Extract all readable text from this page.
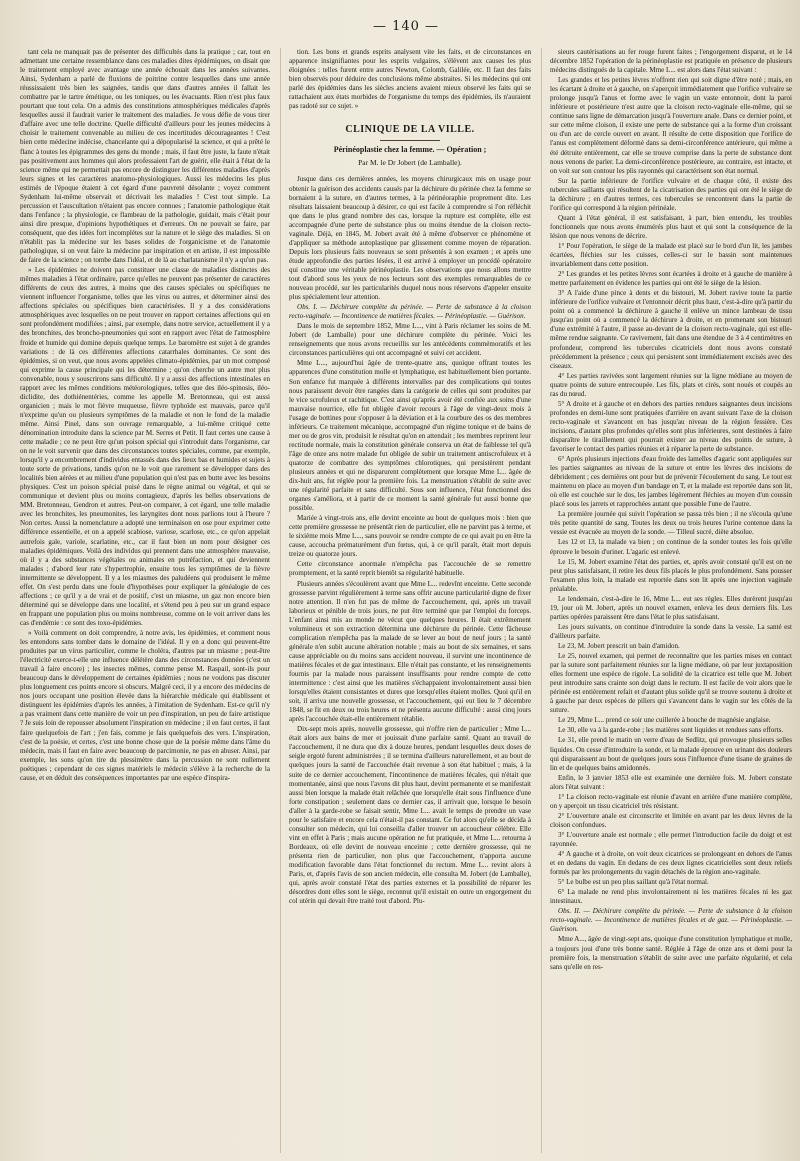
— 140 —

tant cela ne manquait pas de présenter des difficultés dans la pratique ; car, tout en admettant une certaine ressemblance dans ces maladies dites épidémiques, on disait que le traitement employé avec avantage une année échouait dans les années suivantes. Ainsi, Sydenham a parlé de fluxions de poitrine contre lesquelles dans une année réussissaient très bien les saignées, tandis que dans d'autres années il fallait les combattre par le tartre émétique, ou les toniques, ou les évacuants. Rien n'est plus faux pourtant que tout cela. On a admis des constitutions atmosphériques médicales d'après lesquelles aussi il faudrait varier le traitement des maladies. Je vous défie de vous tirer d'affaire avec une telle doctrine. Quelle difficulté d'ailleurs pour les jeunes médecins à choisir le traitement convenable au milieu de ces incertitudes décourageantes ! C'est bien cette médecine indécise, chancelante qui a dépopularisé la science, et qui a prêté le flanc à toutes les épigrammes des gens du monde ; mais, il faut être juste, la faute n'était pas positivement aux hommes qui alors professaient l'art de guérir, elle était à l'état de la science même qui ne permettait pas encore de distinguer les différentes maladies d'après leurs signes et les caractères anatomo-physiologiques. Aussi les médecins les plus estimés de l'époque étaient à cet égard d'une pauvreté désolante ; voyez comment Sydenham lui-même observait et décrivait les maladies ! C'est tout simple. La percussion et l'auscultation n'étaient pas encore connues ; l'anatomie pathologique était dans l'enfance ; la physiologie, ce flambeau de la pathologie, guidait, mais c'était pour ainsi dire presque, d'opinions hypothétiques et d'erreurs. On ne pouvait se faire, par conséquent, que des idées fort incomplètes sur la nature et le siège des maladies. Si on n'établit pas la médecine sur les bases solides de l'organicisme et de l'anatomie pathologique, si on veut faire la médecine par inspiration et en artiste, il est impossible de faire de la science ; on tombe dans l'idéal, et de là au charlatanisme il n'y a qu'un pas.

» Les épidémies ne doivent pas constituer une classe de maladies distinctes des mêmes maladies à l'état ordinaire, parce qu'elles ne peuvent pas présenter de caractères différents de ceux des autres, à moins que des causes spéciales ou spécifiques ne viennent influencer l'organisme, telles que les virus ou autres, et déterminer ainsi des affections spéciales ou spécifiques bien caractérisées. Il y a des considérations atmosphériques avec lesquelles on ne peut trouver en rapport certaines affections qui en sont profondément modifiées ; ainsi, par exemple, dans notre service, actuellement il y a des bronchites, des broncho-pneumonies qui sont en rapport avec l'état de l'atmosphère froide et humide qui domine depuis quelque temps. Le baromètre est sujet à de grandes variations : de là ces différentes affections catarrhales dominantes. Ce sont des épidémies, si on veut, que nous avons appelées climato-épidémies, par un mot composé qui exprime la cause principale qui les détermine ; qu'on cherche un autre mot plus convenable, nous y souscrirons sans difficulté. Il y a aussi des affections intestinales en rapport avec les mêmes conditions météorologiques, telles que des iléo-spinosis, iléo-diclidite, des dothiénentéries, comme les appelle M. Bretonneau, qui est aussi organicien ; mais le mot fièvre muqueuse, fièvre typhoïde est mauvais, parce qu'il n'exprime qu'un ou plusieurs symptômes de la maladie et non le fond de la maladie même. Ainsi Pinel, dans son ouvrage remarquable, a lui-même critiqué cette dénomination introduite dans la science par M. Serres et Petit. Il faut certes une cause à cette maladie ; ce ne peut être qu'un poison spécial qui s'introduit dans l'organisme, car on ne le voit survenir que dans des circonstances toutes spéciales, comme, par exemple, lorsqu'il y a encombrement d'individus entassés dans des lieux bas et humides et sujets à toute sorte de privations, tandis qu'on ne le voit que rarement se développer dans des localités bien aérées et au milieu d'une population qui n'est pas en butte avec les besoins physiques. C'est un poison spécial puisé dans le règne animal ou végétal, et qui se communique et devient plus ou moins contagieux, d'après les belles observations de MM. Bretonneau, Gendron et autres. Peut-on comparer, à cet égard, une telle maladie avec les bronchites, les pneumonites, les laryngites dont nous parlions tout à l'heure ? Non certes. Aussi la nomenclature a adopté une terminaison en ose pour exprimer cette différence essentielle, et on a appelé scabiose, variose, scarlose, etc., ce qu'on appelait autrefois gale, variole, scarlatine, etc., car il faut bien un nom pour désigner ces maladies épidémiques. Voilà des individus qui prennent dans une atmosphère mauvaise, où il y a des substances végétales ou animales en putréfaction, et qui deviennent malades ; d'abord leur rate s'hypertrophie, ensuite tous les symptômes de la fièvre intermittente se développent. Il y a les miasmes des paludéens qui produisent le même effet. On s'est perdu dans une foule d'hypothèses pour expliquer la généalogie de ces affections ; ce qu'il y a de vrai et de positif, c'est un miasme, un gaz non encore bien déterminé qui se développe dans une localité, et s'étend peu à peu sur un grand espace en frappant une population plus ou moins nombreuse, comme on le voit arriver dans les cas d'endémie : ce sont des toxo-épidémies.

» Voilà comment on doit comprendre, à notre avis, les épidémies, et comment nous les entendons sans tomber dans le domaine de l'idéal. Il y en a donc qui peuvent-être produites par un virus particulier, comme le choléra, d'autres par un miasme ; peut-être l'électricité exerce-t-elle une influence délétère dans des circonstances données (c'est un travail à faire encore) ; les insectes mêmes, comme pense M. Raspail, sont-ils pour beaucoup dans le développement de certaines épidémies ; nous ne voulons pas discuter plus longuement ces points encore si obscurs. Malgré ceci, il y a encore des médecins de nos jours occupant une position élevée dans la hiérarchie médicale qui établissent et distinguent les épidémies d'après les années, à l'imitation de Sydenham. Est-ce qu'il n'y a pas vraiment dans cette manière de voir un peu d'inspiration, un peu de faire artistique ? Je suis loin de repousser absolument l'inspiration en médecine ; il en faut certes, il faut faire quelquefois de l'art ; j'en fais, comme je fais quelquefois des vers. L'inspiration, c'est de la poésie, et certes, c'est une bonne chose que de la poésie même dans l'âme du médecin, mais il faut en faire avec beaucoup de parcimonie, ne pas en abuser. Ainsi, par exemple, les sons qu'on tire du plessimètre dans la percussion ne sont nullement poétiques ; cependant de ces signes matériels le médecin s'élève à la recherche de la cause, et en déduit des conséquences importantes par une espèce d'inspira-

tion. Les bons et grands esprits analysent vite les faits, et de circonstances en apparence insignifiantes pour les esprits vulgaires, s'élèvent aux causes les plus éloignées : telles furent entre autres Newton, Colomb, Galilée, etc. Il faut des faits bien observés pour déduire des conclusions même abstraites. Si les médecins qui ont parlé des épidémies dans les siècles anciens avaient mieux observé les faits qui se rattachaient aux états morbides de l'organisme du temps des épidémies, ils n'auraient pas radoté sur ce sujet. »

CLINIQUE DE LA VILLE.
Périnéoplastie chez la femme. — Opération ;
Par M. le Dr Jobert (de Lamballe).

Jusque dans ces dernières années, les moyens chirurgicaux mis en usage pour obtenir la guérison des accidents causés par la déchirure du périnée chez la femme se bornaient à la suture, en d'autres termes, à la périnéoraphie proprement dite. Les résultats laissaient beaucoup à désirer, ce qui est facile à comprendre si l'on réfléchit que dans le plus grand nombre des cas, lorsque la rupture est complète, elle est accompagnée d'une perte de substance plus ou moins étendue de la cloison recto-vaginale. Déjà, en 1845, M. Jobert avait été à même d'observer ce phénomène et d'appliquer sa méthode autoplastique par glissement comme moyen de réparation. Depuis lors plusieurs faits nouveaux se sont présentés à son examen ; et après une étude approfondie des parties lésées, il est arrivé à employer un procédé opératoire qui constitue une véritable périnéoplastie. Les observations que nous allons mettre tout d'abord sous les yeux de nos lecteurs sont des exemples remarquables de ce nouveau procédé, sur les particularités duquel nous nous réservons d'appeler ensuite plus spécialement leur attention.

Obs. I. — Déchirure complète du périnée. — Perte de substance à la cloison recto-vaginale. — Incontinence de matières fécales. — Périnéoplastie. — Guérison.

Dans le mois de septembre 1852, Mme L..., vint à Paris réclamer les soins de M. Jobert (de Lamballe) pour une déchirure complète du périnée. Voici les renseignements que nous avons recueillis sur les antécédents commémoratifs et les circonstances particulières qui ont accompagné et suivi cet accident.

Mme L..., aujourd'hui âgée de trente-quatre ans, quoique offrant toutes les apparences d'une constitution molle et lymphatique, est habituellement bien portante. Son enfance fut marquée à différents intervalles par des complications qui toutes nous paraissent devoir être rangées dans la catégorie de celles qui sont produites par le vice scrofuleux et rachitique. C'est ainsi qu'après avoir été confiée aux soins d'une mauvaise nourrice, elle fut obligée d'avoir recours à l'âge de vingt-deux mois à l'usage de bottines pour s'opposer à la déviation et à la courbure des os des membres inférieurs. Ce traitement mécanique, accompagné d'un régime tonique et de bains de mer ou de gros vin, produisit le résultat qu'on en attendait ; les membres reprirent leur rectitude normale, mais la constitution générale conserva un état de faiblesse tel qu'à l'âge de onze ans notre malade fut obligée de subir un traitement antiscrofuleux et à quatorze de combattre des symptômes chlorotiques, qui persistèrent pendant plusieurs années et qui ne disparurent complètement que lorsque Mme L... âgée de dix-huit ans, fut réglée pour la première fois. La menstruation s'établit de suite avec une régularité parfaite et sans difficulté. Sous son influence, l'état fonctionnel des organes s'améliora, et à partir de ce moment la santé générale fut aussi bonne que possible.

Mariée à vingt-trois ans, elle devint enceinte au bout de quelques mois : bien que cette première grossesse ne présentât rien de particulier, elle ne parvint pas à terme, et le sixième mois Mme L..., sans pouvoir se rendre compte de ce qui avait pu en être la cause, accoucha prématurément d'un fœtus, qui, à ce qu'il paraît, était mort depuis treize ou quatorze jours.

Cette circonstance anormale n'empêcha pas l'accouchée de se remettre promptement, et la santé reprit bientôt sa régularité habituelle.

Plusieurs années s'écoulèrent avant que Mme L... redevînt enceinte. Cette seconde grossesse parvint régulièrement à terme sans offrir aucune particularité digne de fixer notre attention. Il n'en fut pas de même de l'accouchement, qui, après un travail laborieux et pénible de trois jours, ne put être terminé que par l'emploi du forceps. L'enfant ainsi mis au monde ne vécut que quelques heures. Il était extrêmement volumineux et son extraction détermina une déchirure du périnée. Cette fâcheuse complication n'empêcha pas la malade de se lever au bout de neuf jours ; la santé générale n'en subit aucune altération notable ; mais au bout de six semaines, et sans cause appréciable ou du moins sans accident nouveau, il survint une incontinence de matières fécales et de gaz intestinaux. Elle n'était pas constante, et les renseignements fournis par la malade nous paraissent insuffisants pour rendre compte de cette intermittence : c'est ainsi que les matières s'échappaient involontairement aussi bien lorsqu'elles étaient consistantes et dures que lorsqu'elles étaient molles. Quoi qu'il en soit, il arriva une nouvelle grossesse, et l'accouchement, qui eut lieu le 7 décembre 1848, se fit en deux ou trois heures et ne présenta aucune difficulté : aussi cinq jours après l'accouchée était-elle entièrement rétablie.

Dix-sept mois après, nouvelle grossesse, qui n'offre rien de particulier ; Mme L... était alors aux bains de mer et jouissait d'une parfaite santé. Quant au travail de l'accouchement, il ne dura que dix à douze heures, pendant lesquelles deux doses de seigle ergoté furent administrées ; il se termina d'ailleurs naturellement, et au bout de quelques jours la santé de l'accouchée était revenue à son état habituel ; mais, à la suite de ce dernier accouchement, l'incontinence de matières fécales, qui n'était que momentanée, ainsi que nous l'avons dit plus haut, devint permanente et se manifestait aussi bien lorsque la malade était relâchée que lorsqu'elle était sous l'influence d'une forte constipation ; seulement dans ce dernier cas, il arrivait que, lorsque le besoin d'aller à la garde-robe se faisait sentir, Mme L... avait le temps de prendre un vase pour le satisfaire et encore cela n'était-il pas constant. Ce fut alors qu'elle se décida à consulter son médecin, qui lui conseilla d'aller trouver un accoucheur célèbre. Elle vint en effet à Paris ; mais aucune opération ne fut pratiquée, et Mme L... retourna à Bordeaux, où elle devint de nouveau enceinte ; cette dernière grossesse, qui ne présenta rien de particulier, non plus que l'accouchement, n'apporta aucune modification favorable dans l'état fonctionnel du rectum. Mme L... revint alors à Paris, et, d'après l'avis de son ancien médecin, elle consulta M. Jobert (de Lamballe), qui, après avoir constaté l'état des parties externes et la possibilité de réparer les désordres dont elles sont le siège, reconnut qu'il existait en outre un engorgement du col utérin qui devait être traité tout d'abord. Plu-

sieurs cautérisations au fer rouge furent faites ; l'engorgement disparut, et le 14 décembre 1852 l'opération de la périnéoplastie est pratiquée en présence de plusieurs médecins distingués de la capitale. Mme L... est alors dans l'état suivant :

Les grandes et les petites lèvres n'offrent rien qui soit digne d'être noté ; mais, en les écartant à droite et à gauche, on s'aperçoit immédiatement que l'orifice vulvaire se prolonge jusqu'à l'anus et forme avec le vagin un vaste entonnoir, dont la paroi inférieure et postérieure n'est autre que la cloison recto-vaginale elle-même, qui se continue sans ligne de démarcation jusqu'à l'ouverture anale. Dans ce dernier point, et sur cette même cloison, il existe une perte de substance qui a la forme d'un croissant ou d'un arc de cercle ouvert en avant. Il résulte de cette disposition que l'orifice de l'anus est complètement déformé dans sa demi-circonférence antérieure, qui même a été détruite entièrement, car elle se trouve comprise dans la perte de substance dont nous venons de parler. La demi-circonférence postérieure, au contraire, est intacte, et on voit sur son contour les plis rayonnés qui caractérisent son état normal.

Sur la partie inférieure de l'orifice vulvaire et de chaque côté, il existe des tubercules saillants qui résultent de la cicatrisation des parties qui ont été le siège de la déchirure ; en d'autres termes, ces tubercules se rencontrent dans la partie de l'orifice qui correspond à la région périnéale.

Quant à l'état général, il est satisfaisant, à part, bien entendu, les troubles fonctionnels que nous avons énumérés plus haut et qui sont la conséquence de la lésion que nous venons de décrire.

1° Pour l'opération, le siège de la malade est placé sur le bord d'un lit, les jambes écartées, fléchies sur les cuisses, celles-ci sur le bassin sont maintenues invariablement dans cette position.

2° Les grandes et les petites lèvres sont écartées à droite et à gauche de manière à mettre parfaitement en évidence les parties qui ont été le siège de la lésion.

3° A l'aide d'une pince à dents et du bistouri, M. Jobert ravive toute la partie inférieure de l'orifice vulvaire et l'entonnoir décrit plus haut, c'est-à-dire qu'à partir du point où a commencé la déchirure à gauche il enlève un mince lambeau de tissu jusqu'au point où a commencé la déchirure à droite, et en promenant son bistouri d'une extrémité à l'autre, il passe au-devant de la cloison recto-vaginale, qui est elle-même rendue saignante. Ce ravivement, fait dans une étendue de 3 à 4 centimètres en profondeur, comprend les tubercules cicatriciels dont nous avons constaté précédemment la présence ; ceux qui persistent sont immédiatement excisés avec des ciseaux.

4° Les parties ravivées sont largement réunies sur la ligne médiane au moyen de quatre points de suture entrecoupée. Les fils, plats et cirés, sont noués et coupés au ras du nœud.

5° A droite et à gauche et en dehors des parties rendues saignantes deux incisions profondes en demi-lune sont pratiquées d'arrière en avant suivant l'axe de la cloison recto-vaginale et s'avancent en bas jusqu'au niveau de la région fessière. Ces incisions, d'autant plus profondes qu'elles sont plus inférieures, sont destinées à faire disparaître le tiraillement qui pourrait exister au niveau des points de suture, à favoriser le contact des parties réunies et à réparer la perte de substance.

6° Après plusieurs injections d'eau froide des lamelles d'agaric sont appliquées sur les parties saignantes au niveau de la suture et entre les lèvres des incisions de débridement ; ces dernières ont pour but de prévenir l'écoulement du sang. Le tout est maintenu en place au moyen d'un bandage en T, et la malade est reportée dans son lit, où elle est couchée sur le dos, les jambes légèrement fléchies au moyen d'un coussin placé sous les jarrets et rapprochées autant que possible l'une de l'autre.

La première journée qui suivit l'opération se passa très bien ; il ne s'écoula qu'une très petite quantité de sang. Toutes les deux ou trois heures l'urine contenue dans la vessie est évacuée au moyen de la sonde. — Tilleul sucré, diète absolue.

Les 12 et 13, la malade va bien ; on continue de la sonder toutes les fois qu'elle éprouve le besoin d'uriner. L'agaric est enlevé.

Le 15, M. Jobert examine l'état des parties, et, après avoir constaté qu'il est on ne peut plus satisfaisant, il retire les deux fils placés le plus profondément. Sans pousser l'examen plus loin, la malade est reportée dans son lit après une injection vaginale préalable.

Le lendemain, c'est-à-dire le 16, Mme L... eut ses règles. Elles durèrent jusqu'au 19, jour où M. Jobert, après un nouvel examen, enleva les deux derniers fils. Les parties opérées paraissent être dans l'état le plus satisfaisant.

Les jours suivants, on continue d'introduire la sonde dans la vessie. La santé est d'ailleurs parfaite.

Le 23, M. Jobert prescrit un bain d'amidon.

Le 25, nouvel examen, qui permet de reconnaître que les parties mises en contact par la suture sont parfaitement réunies sur la ligne médiane, où par leur juxtaposition elles forment une espèce de rigole. La solidité de la cicatrice est telle que M. Jobert peut introduire sans crainte son doigt dans le rectum. Il est facile de voir alors que le périnée est entièrement refait et d'autant plus solide qu'il se trouve soutenu à droite et à gauche par deux espèces de piliers qui s'avancent dans le vagin sur les côtés de la suture.

Le 29, Mme L... prend ce soir une cuillerée à bouche de magnésie anglaise.

Le 30, elle va à la garde-robe ; les matières sont liquides et rendues sans efforts.

Le 31, elle prend le matin un verre d'eau de Sedlitz, qui provoque plusieurs selles liquides. On cesse d'introduire la sonde, et la malade éprouve en urinant des douleurs qui disparaissent au bout de quelques jours sous l'influence d'une tisane de graines de lin et de quelques bains amidonnés.

Enfin, le 3 janvier 1853 elle est examinée une dernière fois. M. Jobert constate alors l'état suivant :

1° La cloison recto-vaginale est réunie d'avant en arrière d'une manière complète, on y aperçoit un tissu cicatriciel très résistant.

2° L'ouverture anale est circonscrite et limitée en avant par les deux lèvres de la cloison confondues.

3° L'ouverture anale est normale ; elle permet l'introduction facile du doigt et est rayonnée.

4° A gauche et à droite, on voit deux cicatrices se prolongeant en dehors de l'anus et en dedans du vagin. En dedans de ces deux lignes cicatricielles sont deux reliefs formés par les prolongements du vagin détachés de la région ano-vaginale.

5° Le bulbe est un peu plus saillant qu'à l'état normal.

6° La malade ne rend plus involontairement ni les matières fécales ni les gaz intestinaux.

Obs. II. — Déchirure complète du périnée. — Perte de substance à la cloison recto-vaginale. — Incontinence de matières fécales et de gaz. — Périnéoplastie. — Guérison.

Mme A..., âgée de vingt-sept ans, quoique d'une constitution lymphatique et molle, a toujours joui d'une très bonne santé. Réglée à l'âge de onze ans et demi pour la première fois, la menstruation s'établit de suite avec une parfaite régularité, et cela sans qu'elle en res-
